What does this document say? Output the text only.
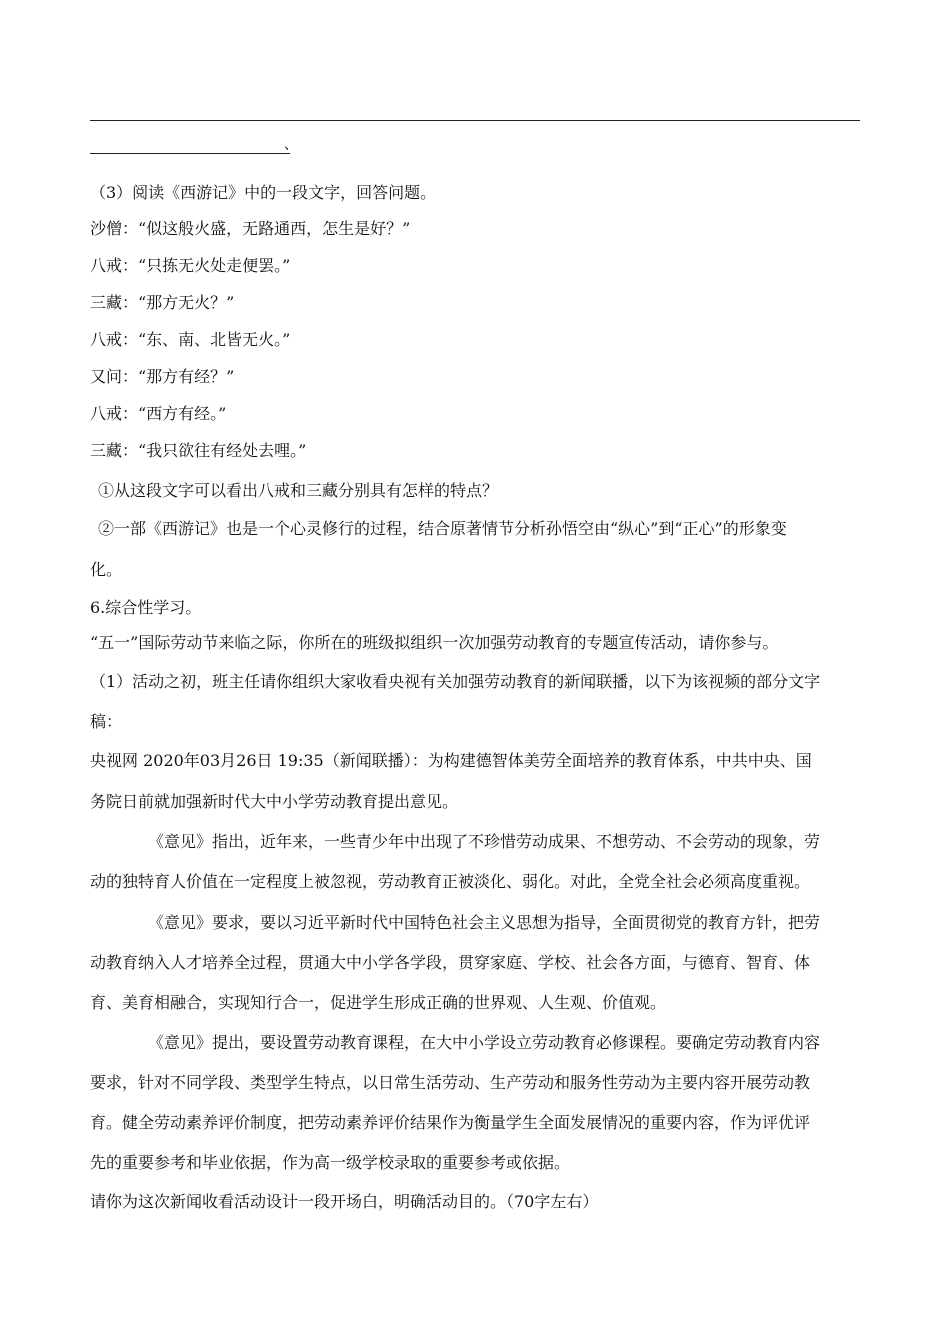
、
（3）阅读《西游记》中的一段文字，回答问题。
沙僧：“似这般火盛，无路通西，怎生是好？”
八戒：“只拣无火处走便罢。”
三藏：“那方无火？”
八戒：“东、南、北皆无火。”
又问：“那方有经？”
八戒：“西方有经。”
三藏：“我只欲往有经处去哩。”
①从这段文字可以看出八戒和三藏分别具有怎样的特点？
②一部《西游记》也是一个心灵修行的过程，结合原著情节分析孙悟空由“纵心”到“正心”的形象变
化。
6.综合性学习。
“五一”国际劳动节来临之际，你所在的班级拟组织一次加强劳动教育的专题宣传活动，请你参与。
（1）活动之初，班主任请你组织大家收看央视有关加强劳动教育的新闻联播，以下为该视频的部分文字
稿：
央视网 2020年03月26日 19:35（新闻联播）：为构建德智体美劳全面培养的教育体系，中共中央、国
务院日前就加强新时代大中小学劳动教育提出意见。
《意见》指出，近年来，一些青少年中出现了不珍惜劳动成果、不想劳动、不会劳动的现象，劳
动的独特育人价值在一定程度上被忽视，劳动教育正被淡化、弱化。对此，全党全社会必须高度重视。
《意见》要求，要以习近平新时代中国特色社会主义思想为指导，全面贯彻党的教育方针，把劳
动教育纳入人才培养全过程，贯通大中小学各学段，贯穿家庭、学校、社会各方面，与德育、智育、体
育、美育相融合，实现知行合一，促进学生形成正确的世界观、人生观、价值观。
《意见》提出，要设置劳动教育课程，在大中小学设立劳动教育必修课程。要确定劳动教育内容
要求，针对不同学段、类型学生特点，以日常生活劳动、生产劳动和服务性劳动为主要内容开展劳动教
育。健全劳动素养评价制度，把劳动素养评价结果作为衡量学生全面发展情况的重要内容，作为评优评
先的重要参考和毕业依据，作为高一级学校录取的重要参考或依据。
请你为这次新闻收看活动设计一段开场白，明确活动目的。（70字左右）
